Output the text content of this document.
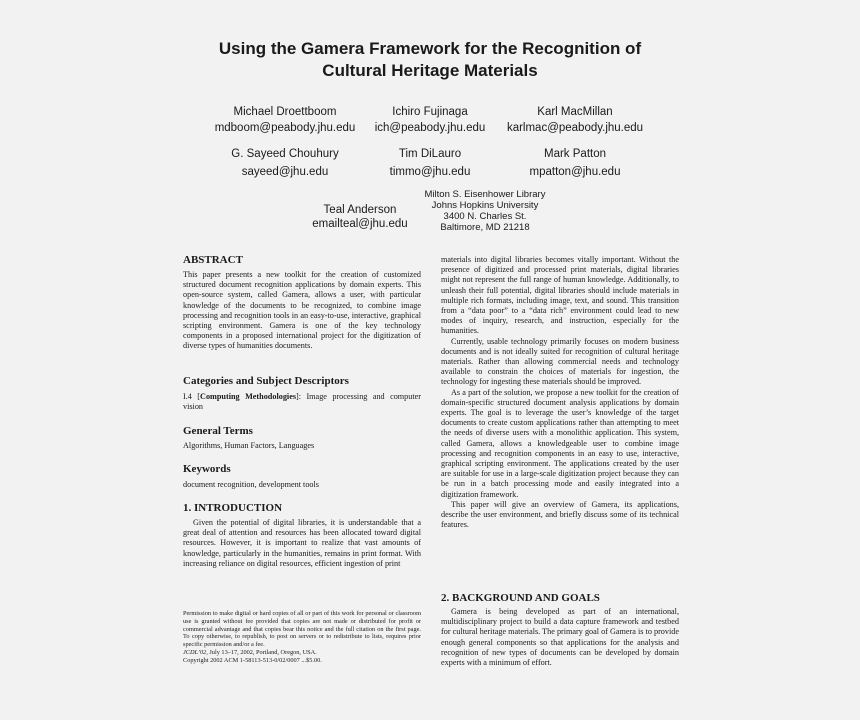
Using the Gamera Framework for the Recognition of
Cultural Heritage Materials
Michael Droettboom
mdboom@peabody.jhu.edu
Ichiro Fujinaga
ich@peabody.jhu.edu
Karl MacMillan
karlmac@peabody.jhu.edu
G. Sayeed Chouhury
sayeed@jhu.edu
Tim DiLauro
timmo@jhu.edu
Mark Patton
mpatton@jhu.edu
Teal Anderson
emailteal@jhu.edu
Milton S. Eisenhower Library
Johns Hopkins University
3400 N. Charles St.
Baltimore, MD 21218
ABSTRACT

This paper presents a new toolkit for the creation of customized structured document recognition applications by domain experts. This open-source system, called Gamera, allows a user, with particular knowledge of the documents to be recognized, to combine image processing and recognition tools in an easy-to-use, interactive, graphical scripting environment. Gamera is one of the key technology components in a proposed international project for the digitization of diverse types of humanities documents.

Categories and Subject Descriptors

I.4 [Computing Methodologies]: Image processing and computer vision

General Terms

Algorithms, Human Factors, Languages

Keywords

document recognition, development tools

1. INTRODUCTION

Given the potential of digital libraries, it is understandable that a great deal of attention and resources has been allocated toward digital resources. However, it is important to realize that vast amounts of knowledge, particularly in the humanities, remains in print format. With increasing reliance on digital resources, efficient ingestion of print

Permission to make digital or hard copies of all or part of this work for personal or classroom use is granted without fee provided that copies are not made or distributed for profit or commercial advantage and that copies bear this notice and the full citation on the first page. To copy otherwise, to republish, to post on servers or to redistribute to lists, requires prior specific permission and/or a fee.

JCDL’02, July 13–17, 2002, Portland, Oregon, USA.

Copyright 2002 ACM 1-58113-513-0/02/0007 ...$5.00.

materials into digital libraries becomes vitally important. Without the presence of digitized and processed print materials, digital libraries might not represent the full range of human knowledge. Additionally, to unleash their full potential, digital libraries should include materials in multiple rich formats, including image, text, and sound. This transition from a “data poor” to a “data rich” environment could lead to new modes of inquiry, research, and instruction, especially for the humanities.

Currently, usable technology primarily focuses on modern business documents and is not ideally suited for recognition of cultural heritage materials. Rather than allowing commercial needs and technology available to constrain the choices of materials for ingestion, the technology for ingesting these materials should be improved.

As a part of the solution, we propose a new toolkit for the creation of domain-specific structured document analysis applications by domain experts. The goal is to leverage the user’s knowledge of the target documents to create custom applications rather than attempting to meet the needs of diverse users with a monolithic application. This system, called Gamera, allows a knowledgeable user to combine image processing and recognition components in an easy to use, interactive, graphical scripting environment. The applications created by the user are suitable for use in a large-scale digitization project because they can be run in a batch processing mode and easily integrated into a digitization framework.

This paper will give an overview of Gamera, its applications, describe the user environment, and briefly discuss some of its technical features.

2. BACKGROUND AND GOALS

Gamera is being developed as part of an international, multidisciplinary project to build a data capture framework and testbed for cultural heritage materials. The primary goal of Gamera is to provide enough general components so that applications for the analysis and recognition of new types of documents can be developed by domain experts with a minimum of effort.
